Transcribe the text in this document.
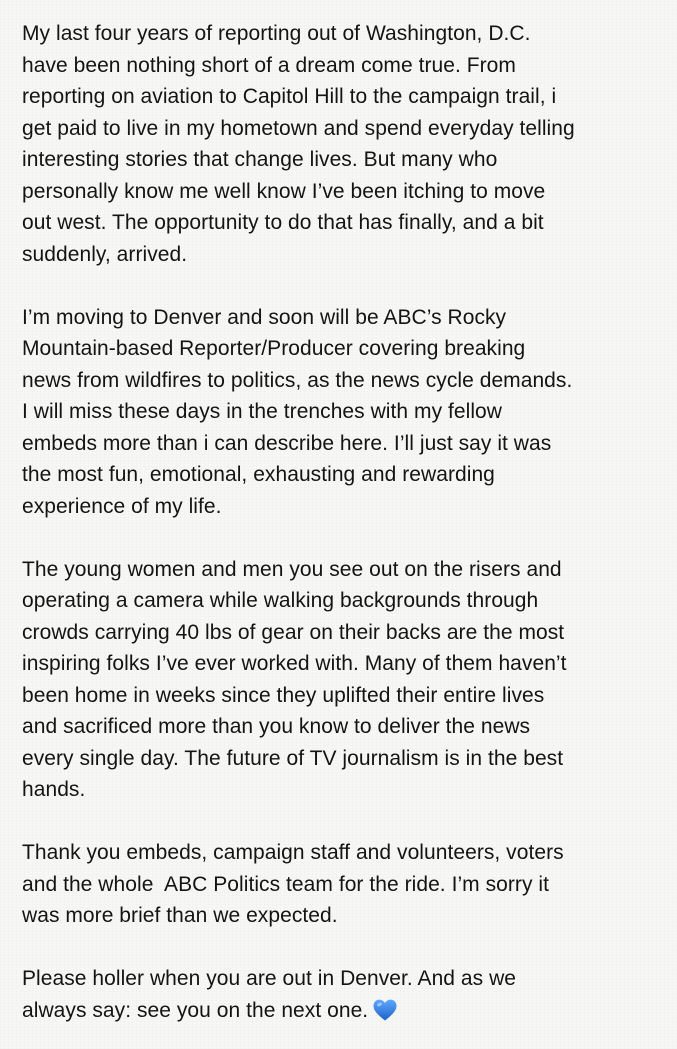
My last four years of reporting out of Washington, D.C.
have been nothing short of a dream come true. From
reporting on aviation to Capitol Hill to the campaign trail, i
get paid to live in my hometown and spend everyday telling
interesting stories that change lives. But many who
personally know me well know I’ve been itching to move
out west. The opportunity to do that has finally, and a bit
suddenly, arrived.

I’m moving to Denver and soon will be ABC’s Rocky
Mountain-based Reporter/Producer covering breaking
news from wildfires to politics, as the news cycle demands.
I will miss these days in the trenches with my fellow
embeds more than i can describe here. I’ll just say it was
the most fun, emotional, exhausting and rewarding
experience of my life.

The young women and men you see out on the risers and
operating a camera while walking backgrounds through
crowds carrying 40 lbs of gear on their backs are the most
inspiring folks I’ve ever worked with. Many of them haven’t
been home in weeks since they uplifted their entire lives
and sacrificed more than you know to deliver the news
every single day. The future of TV journalism is in the best
hands.

Thank you embeds, campaign staff and volunteers, voters
and the whole  ABC Politics team for the ride. I’m sorry it
was more brief than we expected.

Please holler when you are out in Denver. And as we
always say: see you on the next one.
